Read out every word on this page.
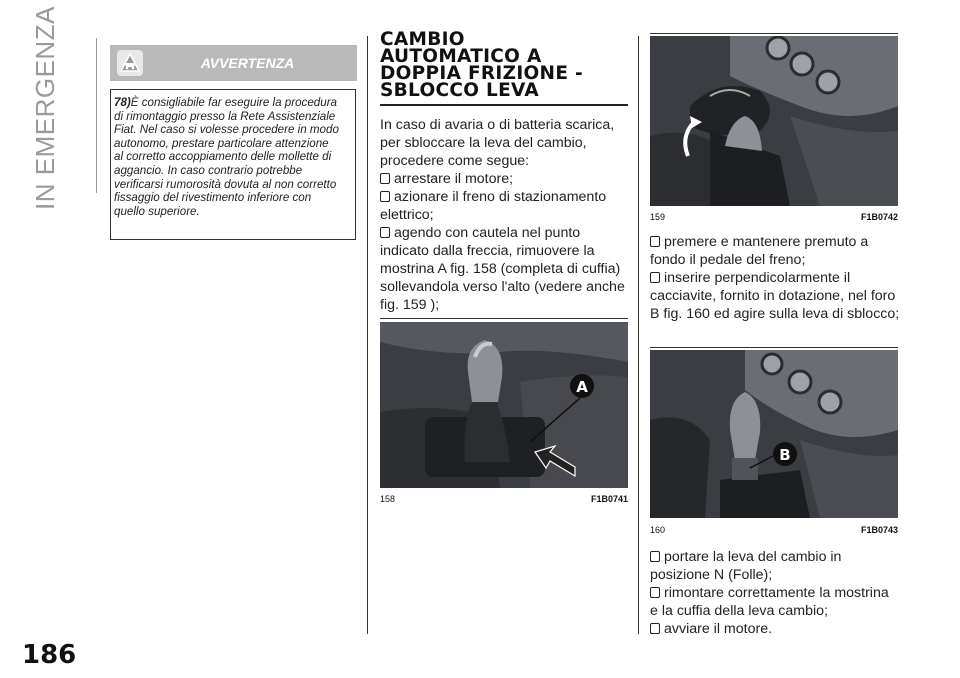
IN EMERGENZA
186
AVVERTENZA
78)È consigliabile far eseguire la procedura
di rimontaggio presso la Rete Assistenziale
Fiat. Nel caso si volesse procedere in modo
autonomo, prestare particolare attenzione
al corretto accoppiamento delle mollette di
aggancio. In caso contrario potrebbe
verificarsi rumorosità dovuta al non corretto
fissaggio del rivestimento inferiore con
quello superiore.
CAMBIO
AUTOMATICO A
DOPPIA FRIZIONE -
SBLOCCO LEVA
In caso di avaria o di batteria scarica,
per sbloccare la leva del cambio,
procedere come segue:
arrestare il motore;
azionare il freno di stazionamento
elettrico;
agendo con cautela nel punto
indicato dalla freccia, rimuovere la
mostrina A fig. 158 (completa di cuffia)
sollevandola verso l'alto (vedere anche
fig. 159 );
A
158	F1B0741
159	F1B0742
premere e mantenere premuto a
fondo il pedale del freno;
inserire perpendicolarmente il
cacciavite, fornito in dotazione, nel foro
B fig. 160 ed agire sulla leva di sblocco;
B
160	F1B0743
portare la leva del cambio in
posizione N (Folle);
rimontare correttamente la mostrina
e la cuffia della leva cambio;
avviare il motore.
